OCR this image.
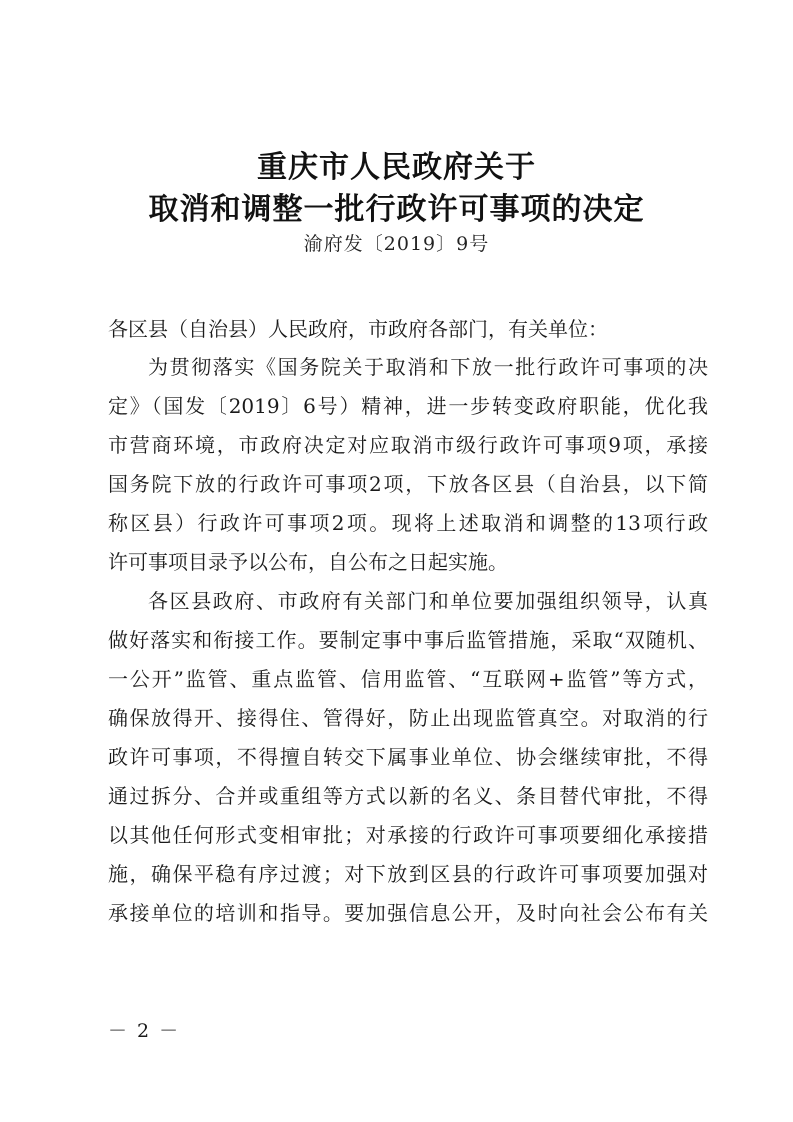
重庆市人民政府关于
取消和调整一批行政许可事项的决定
渝府发〔2019〕9号
各区县（自治县）人民政府，市政府各部门，有关单位：
为贯彻落实《国务院关于取消和下放一批行政许可事项的决
定》（国发〔2019〕6号）精神，进一步转变政府职能，优化我
市营商环境，市政府决定对应取消市级行政许可事项9项，承接
国务院下放的行政许可事项2项，下放各区县（自治县，以下简
称区县）行政许可事项2项。现将上述取消和调整的13项行政
许可事项目录予以公布，自公布之日起实施。
各区县政府、市政府有关部门和单位要加强组织领导，认真
做好落实和衔接工作。要制定事中事后监管措施，采取“双随机、
一公开”监管、重点监管、信用监管、“互联网+监管”等方式，
确保放得开、接得住、管得好，防止出现监管真空。对取消的行
政许可事项，不得擅自转交下属事业单位、协会继续审批，不得
通过拆分、合并或重组等方式以新的名义、条目替代审批，不得
以其他任何形式变相审批；对承接的行政许可事项要细化承接措
施，确保平稳有序过渡；对下放到区县的行政许可事项要加强对
承接单位的培训和指导。要加强信息公开，及时向社会公布有关
－ 2 －
